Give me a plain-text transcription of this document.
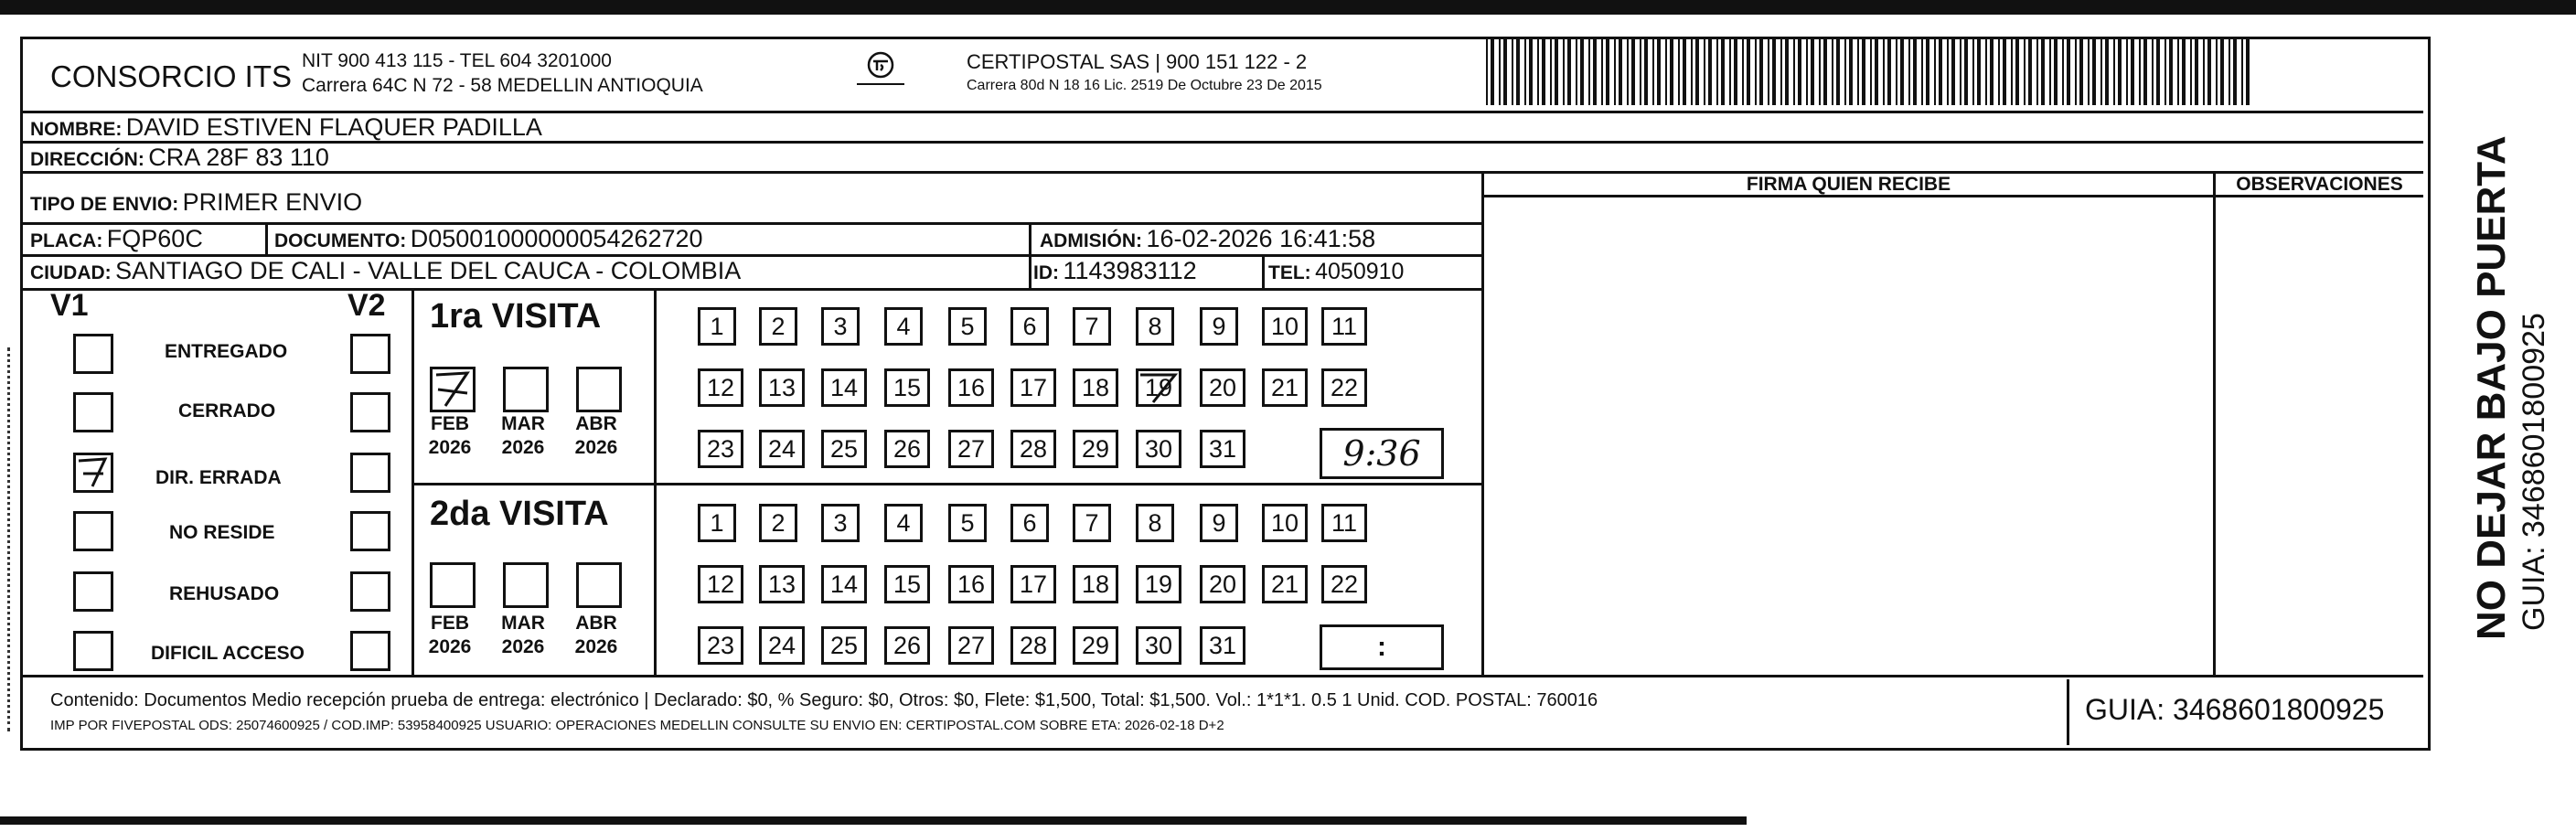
CONSORCIO ITS NIT 900 413 115 - TEL 604 3201000
Carrera 64C N 72 - 58 MEDELLIN ANTIOQUIA
CERTIPOSTAL SAS | 900 151 122 - 2
Carrera 80d N 18 16 Lic. 2519 De Octubre 23 De 2015
NOMBRE: DAVID ESTIVEN FLAQUER PADILLA
DIRECCIÓN: CRA 28F 83 110
TIPO DE ENVIO: PRIMER ENVIO
FIRMA QUIEN RECIBE	OBSERVACIONES
PLACA: FQP60C	DOCUMENTO: D05001000000054262720	ADMISIÓN: 16-02-2026 16:41:58
CIUDAD: SANTIAGO DE CALI - VALLE DEL CAUCA - COLOMBIA	ID: 1143983112	TEL: 4050910
V1	V2
ENTREGADO
CERRADO
DIR. ERRADA
NO RESIDE
REHUSADO
DIFICIL ACCESO
1ra VISITA
FEB
2026
MAR
2026
ABR
2026
2da VISITA
FEB
2026
MAR
2026
ABR
2026
1	2	3	4	5	6	7	8	9	10	11
12	13	14	15	16	17	18	19	20	21	22
23	24	25	26	27	28	29	30	31
1	2	3	4	5	6	7	8	9	10	11
12	13	14	15	16	17	18	19	20	21	22
23	24	25	26	27	28	29	30	31
9:36
:
Contenido: Documentos Medio recepción prueba de entrega: electrónico | Declarado: $0, % Seguro: $0, Otros: $0, Flete: $1,500, Total: $1,500. Vol.: 1*1*1. 0.5 1 Unid. COD. POSTAL: 760016
IMP POR FIVEPOSTAL ODS: 25074600925 / COD.IMP: 53958400925 USUARIO: OPERACIONES MEDELLIN CONSULTE SU ENVIO EN: CERTIPOSTAL.COM SOBRE ETA: 2026-02-18 D+2	GUIA: 3468601800925
NO DEJAR BAJO PUERTA GUIA: 3468601800925
